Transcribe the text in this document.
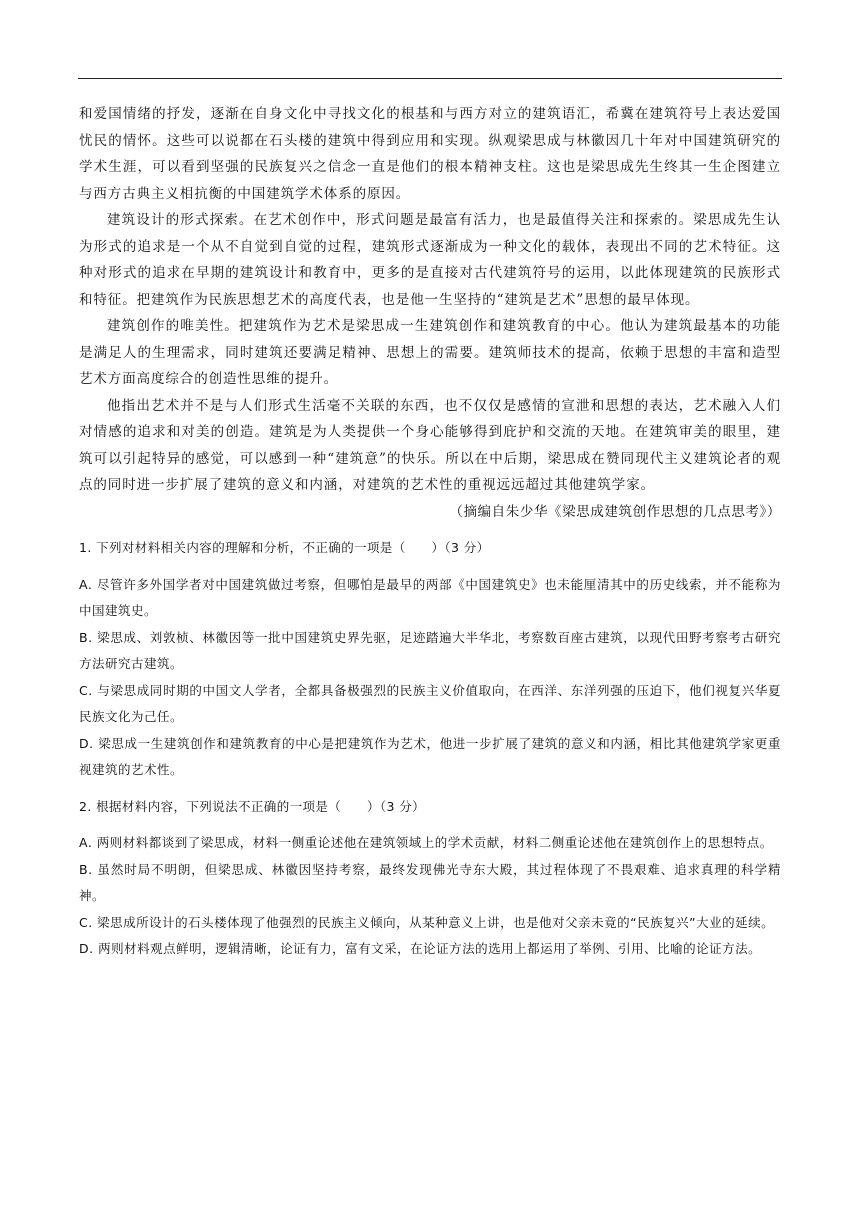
和爱国情绪的抒发，逐渐在自身文化中寻找文化的根基和与西方对立的建筑语汇，希冀在建筑符号上表达爱国忧民的情怀。这些可以说都在石头楼的建筑中得到应用和实现。纵观梁思成与林徽因几十年对中国建筑研究的学术生涯，可以看到坚强的民族复兴之信念一直是他们的根本精神支柱。这也是梁思成先生终其一生企图建立与西方古典主义相抗衡的中国建筑学术体系的原因。

建筑设计的形式探索。在艺术创作中，形式问题是最富有活力，也是最值得关注和探索的。梁思成先生认为形式的追求是一个从不自觉到自觉的过程，建筑形式逐渐成为一种文化的载体，表现出不同的艺术特征。这种对形式的追求在早期的建筑设计和教育中，更多的是直接对古代建筑符号的运用，以此体现建筑的民族形式和特征。把建筑作为民族思想艺术的高度代表，也是他一生坚持的“建筑是艺术”思想的最早体现。

建筑创作的唯美性。把建筑作为艺术是梁思成一生建筑创作和建筑教育的中心。他认为建筑最基本的功能是满足人的生理需求，同时建筑还要满足精神、思想上的需要。建筑师技术的提高，依赖于思想的丰富和造型艺术方面高度综合的创造性思维的提升。

他指出艺术并不是与人们形式生活毫不关联的东西，也不仅仅是感情的宣泄和思想的表达，艺术融入人们对情感的追求和对美的创造。建筑是为人类提供一个身心能够得到庇护和交流的天地。在建筑审美的眼里，建筑可以引起特异的感觉，可以感到一种“建筑意”的快乐。所以在中后期，梁思成在赞同现代主义建筑论者的观点的同时进一步扩展了建筑的意义和内涵，对建筑的艺术性的重视远远超过其他建筑学家。

（摘编自朱少华《梁思成建筑创作思想的几点思考》）

1. 下列对材料相关内容的理解和分析，不正确的一项是（　　）（3 分）

A. 尽管许多外国学者对中国建筑做过考察，但哪怕是最早的两部《中国建筑史》也未能厘清其中的历史线索，并不能称为中国建筑史。

B. 梁思成、刘敦桢、林徽因等一批中国建筑史界先驱，足迹踏遍大半华北，考察数百座古建筑，以现代田野考察考古研究方法研究古建筑。

C. 与梁思成同时期的中国文人学者，全都具备极强烈的民族主义价值取向，在西洋、东洋列强的压迫下，他们视复兴华夏民族文化为己任。

D. 梁思成一生建筑创作和建筑教育的中心是把建筑作为艺术，他进一步扩展了建筑的意义和内涵，相比其他建筑学家更重视建筑的艺术性。

2. 根据材料内容，下列说法不正确的一项是（　　）（3 分）

A. 两则材料都谈到了梁思成，材料一侧重论述他在建筑领域上的学术贡献，材料二侧重论述他在建筑创作上的思想特点。

B. 虽然时局不明朗，但梁思成、林徽因坚持考察，最终发现佛光寺东大殿，其过程体现了不畏艰难、追求真理的科学精神。

C. 梁思成所设计的石头楼体现了他强烈的民族主义倾向，从某种意义上讲，也是他对父亲未竟的“民族复兴”大业的延续。

D. 两则材料观点鲜明，逻辑清晰，论证有力，富有文采，在论证方法的选用上都运用了举例、引用、比喻的论证方法。
